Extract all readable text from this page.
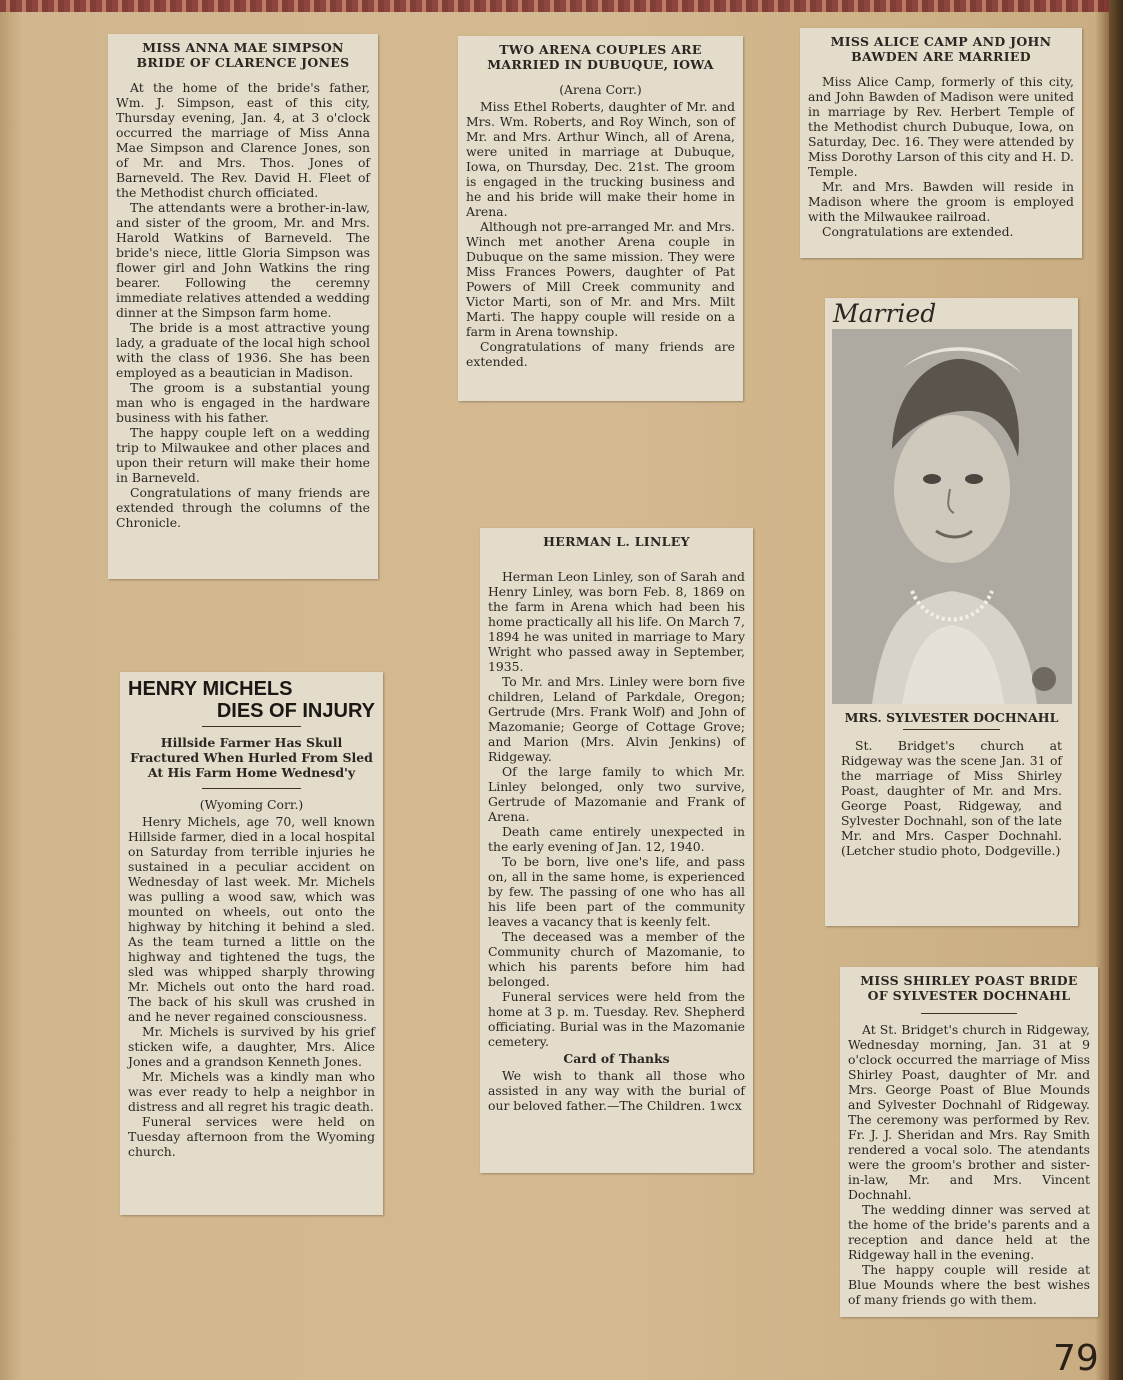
MISS ANNA MAE SIMPSON BRIDE OF CLARENCE JONES

At the home of the bride's father, Wm. J. Simpson, east of this city, Thursday evening, Jan. 4, at 3 o'clock occurred the marriage of Miss Anna Mae Simpson and Clarence Jones, son of Mr. and Mrs. Thos. Jones of Barneveld. The Rev. David H. Fleet of the Methodist church officiated.

The attendants were a brother-in-law, and sister of the groom, Mr. and Mrs. Harold Watkins of Barneveld. The bride's niece, little Gloria Simpson was flower girl and John Watkins the ring bearer. Following the ceremny immediate relatives attended a wedding dinner at the Simpson farm home.

The bride is a most attractive young lady, a graduate of the local high school with the class of 1936. She has been employed as a beautician in Madison.

The groom is a substantial young man who is engaged in the hardware business with his father.

The happy couple left on a wedding trip to Milwaukee and other places and upon their return will make their home in Barneveld.

Congratulations of many friends are extended through the columns of the Chronicle.

TWO ARENA COUPLES ARE MARRIED IN DUBUQUE, IOWA
(Arena Corr.)

Miss Ethel Roberts, daughter of Mr. and Mrs. Wm. Roberts, and Roy Winch, son of Mr. and Mrs. Arthur Winch, all of Arena, were united in marriage at Dubuque, Iowa, on Thursday, Dec. 21st. The groom is engaged in the trucking business and he and his bride will make their home in Arena.

Although not pre-arranged Mr. and Mrs. Winch met another Arena couple in Dubuque on the same mission. They were Miss Frances Powers, daughter of Pat Powers of Mill Creek community and Victor Marti, son of Mr. and Mrs. Milt Marti. The happy couple will reside on a farm in Arena township.

Congratulations of many friends are extended.

MISS ALICE CAMP AND JOHN BAWDEN ARE MARRIED

Miss Alice Camp, formerly of this city, and John Bawden of Madison were united in marriage by Rev. Herbert Temple of the Methodist church Dubuque, Iowa, on Saturday, Dec. 16. They were attended by Miss Dorothy Larson of this city and H. D. Temple.

Mr. and Mrs. Bawden will reside in Madison where the groom is employed with the Milwaukee railroad.

Congratulations are extended.

Married
MRS. SYLVESTER DOCHNAHL

St. Bridget's church at Ridgeway was the scene Jan. 31 of the marriage of Miss Shirley Poast, daughter of Mr. and Mrs. George Poast, Ridgeway, and Sylvester Dochnahl, son of the late Mr. and Mrs. Casper Dochnahl. (Letcher studio photo, Dodgeville.)

HERMAN L. LINLEY

Herman Leon Linley, son of Sarah and Henry Linley, was born Feb. 8, 1869 on the farm in Arena which had been his home practically all his life. On March 7, 1894 he was united in marriage to Mary Wright who passed away in September, 1935.

To Mr. and Mrs. Linley were born five children, Leland of Parkdale, Oregon; Gertrude (Mrs. Frank Wolf) and John of Mazomanie; George of Cottage Grove; and Marion (Mrs. Alvin Jenkins) of Ridgeway.

Of the large family to which Mr. Linley belonged, only two survive, Gertrude of Mazomanie and Frank of Arena.

Death came entirely unexpected in the early evening of Jan. 12, 1940.

To be born, live one's life, and pass on, all in the same home, is experienced by few. The passing of one who has all his life been part of the community leaves a vacancy that is keenly felt.

The deceased was a member of the Community church of Mazomanie, to which his parents before him had belonged.

Funeral services were held from the home at 3 p. m. Tuesday. Rev. Shepherd officiating. Burial was in the Mazomanie cemetery.

Card of Thanks

We wish to thank all those who assisted in any way with the burial of our beloved father.—The Children. 1wcx

HENRY MICHELS
DIES OF INJURY
Hillside Farmer Has Skull Fractured When Hurled From Sled At His Farm Home Wednesd'y
(Wyoming Corr.)

Henry Michels, age 70, well known Hillside farmer, died in a local hospital on Saturday from terrible injuries he sustained in a peculiar accident on Wednesday of last week. Mr. Michels was pulling a wood saw, which was mounted on wheels, out onto the highway by hitching it behind a sled. As the team turned a little on the highway and tightened the tugs, the sled was whipped sharply throwing Mr. Michels out onto the hard road. The back of his skull was crushed in and he never regained consciousness.

Mr. Michels is survived by his grief sticken wife, a daughter, Mrs. Alice Jones and a grandson Kenneth Jones.

Mr. Michels was a kindly man who was ever ready to help a neighbor in distress and all regret his tragic death.

Funeral services were held on Tuesday afternoon from the Wyoming church.

MISS SHIRLEY POAST BRIDE OF SYLVESTER DOCHNAHL

At St. Bridget's church in Ridgeway, Wednesday morning, Jan. 31 at 9 o'clock occurred the marriage of Miss Shirley Poast, daughter of Mr. and Mrs. George Poast of Blue Mounds and Sylvester Dochnahl of Ridgeway. The ceremony was performed by Rev. Fr. J. J. Sheridan and Mrs. Ray Smith rendered a vocal solo. The atendants were the groom's brother and sister-in-law, Mr. and Mrs. Vincent Dochnahl.

The wedding dinner was served at the home of the bride's parents and a reception and dance held at the Ridgeway hall in the evening.

The happy couple will reside at Blue Mounds where the best wishes of many friends go with them.

79
